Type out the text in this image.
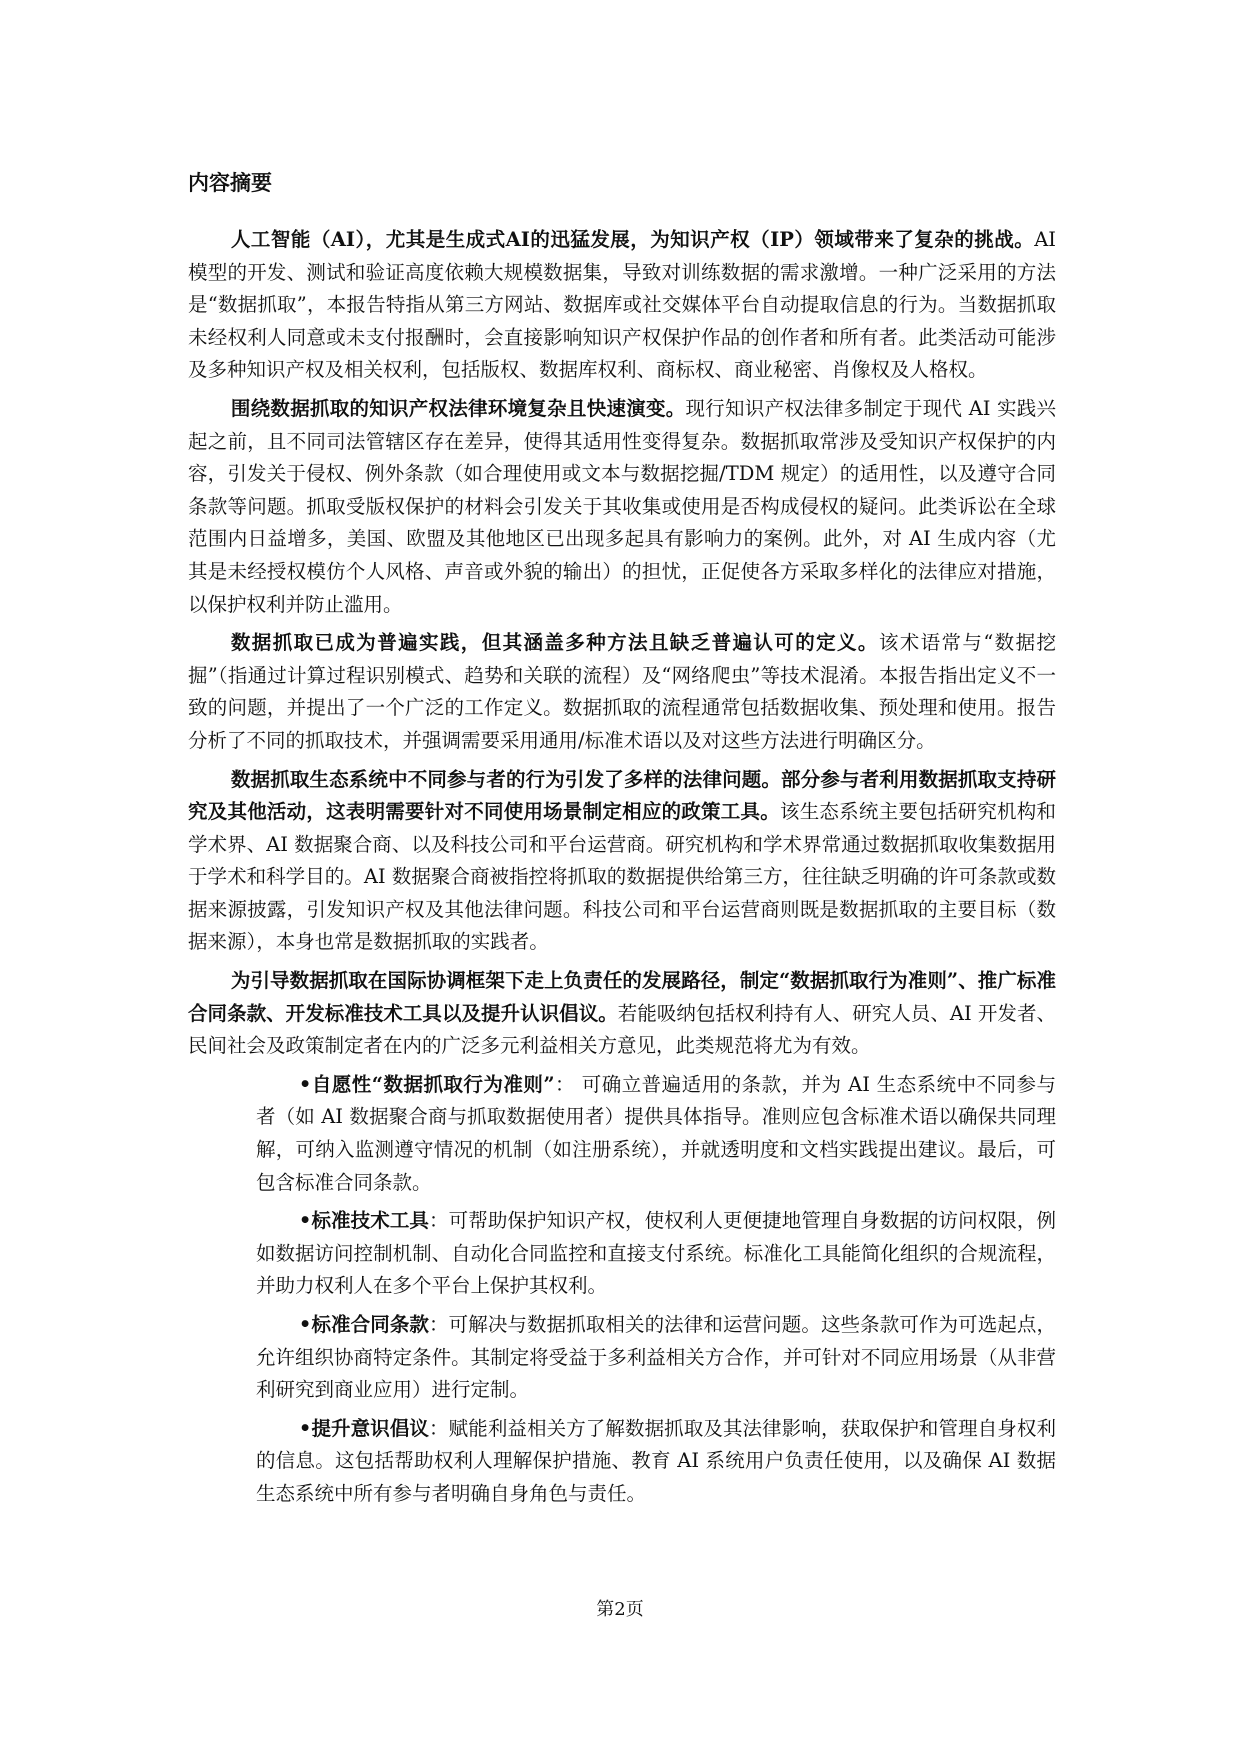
内容摘要

人工智能（AI），尤其是生成式AI的迅猛发展，为知识产权（IP）领域带来了复杂的挑战。AI 模型的开发、测试和验证高度依赖大规模数据集，导致对训练数据的需求激增。一种广泛采用的方法是“数据抓取”，本报告特指从第三方网站、数据库或社交媒体平台自动提取信息的行为。当数据抓取未经权利人同意或未支付报酬时，会直接影响知识产权保护作品的创作者和所有者。此类活动可能涉及多种知识产权及相关权利，包括版权、数据库权利、商标权、商业秘密、肖像权及人格权。

围绕数据抓取的知识产权法律环境复杂且快速演变。现行知识产权法律多制定于现代 AI 实践兴起之前，且不同司法管辖区存在差异，使得其适用性变得复杂。数据抓取常涉及受知识产权保护的内容，引发关于侵权、例外条款（如合理使用或文本与数据挖掘/TDM 规定）的适用性，以及遵守合同条款等问题。抓取受版权保护的材料会引发关于其收集或使用是否构成侵权的疑问。此类诉讼在全球范围内日益增多，美国、欧盟及其他地区已出现多起具有影响力的案例。此外，对 AI 生成内容（尤其是未经授权模仿个人风格、声音或外貌的输出）的担忧，正促使各方采取多样化的法律应对措施，以保护权利并防止滥用。

数据抓取已成为普遍实践，但其涵盖多种方法且缺乏普遍认可的定义。该术语常与“数据挖掘”（指通过计算过程识别模式、趋势和关联的流程）及“网络爬虫”等技术混淆。本报告指出定义不一致的问题，并提出了一个广泛的工作定义。数据抓取的流程通常包括数据收集、预处理和使用。报告分析了不同的抓取技术，并强调需要采用通用/标准术语以及对这些方法进行明确区分。

数据抓取生态系统中不同参与者的行为引发了多样的法律问题。部分参与者利用数据抓取支持研究及其他活动，这表明需要针对不同使用场景制定相应的政策工具。该生态系统主要包括研究机构和学术界、AI 数据聚合商、以及科技公司和平台运营商。研究机构和学术界常通过数据抓取收集数据用于学术和科学目的。AI 数据聚合商被指控将抓取的数据提供给第三方，往往缺乏明确的许可条款或数据来源披露，引发知识产权及其他法律问题。科技公司和平台运营商则既是数据抓取的主要目标（数据来源），本身也常是数据抓取的实践者。

为引导数据抓取在国际协调框架下走上负责任的发展路径，制定“数据抓取行为准则”、推广标准合同条款、开发标准技术工具以及提升认识倡议。若能吸纳包括权利持有人、研究人员、AI 开发者、民间社会及政策制定者在内的广泛多元利益相关方意见，此类规范将尤为有效。

•自愿性“数据抓取行为准则”： 可确立普遍适用的条款，并为 AI 生态系统中不同参与者（如 AI 数据聚合商与抓取数据使用者）提供具体指导。准则应包含标准术语以确保共同理解，可纳入监测遵守情况的机制（如注册系统），并就透明度和文档实践提出建议。最后，可包含标准合同条款。

•标准技术工具：可帮助保护知识产权，使权利人更便捷地管理自身数据的访问权限，例如数据访问控制机制、自动化合同监控和直接支付系统。标准化工具能简化组织的合规流程，并助力权利人在多个平台上保护其权利。

•标准合同条款：可解决与数据抓取相关的法律和运营问题。这些条款可作为可选起点，允许组织协商特定条件。其制定将受益于多利益相关方合作，并可针对不同应用场景（从非营利研究到商业应用）进行定制。

•提升意识倡议：赋能利益相关方了解数据抓取及其法律影响，获取保护和管理自身权利的信息。这包括帮助权利人理解保护措施、教育 AI 系统用户负责任使用，以及确保 AI 数据生态系统中所有参与者明确自身角色与责任。

第2页
